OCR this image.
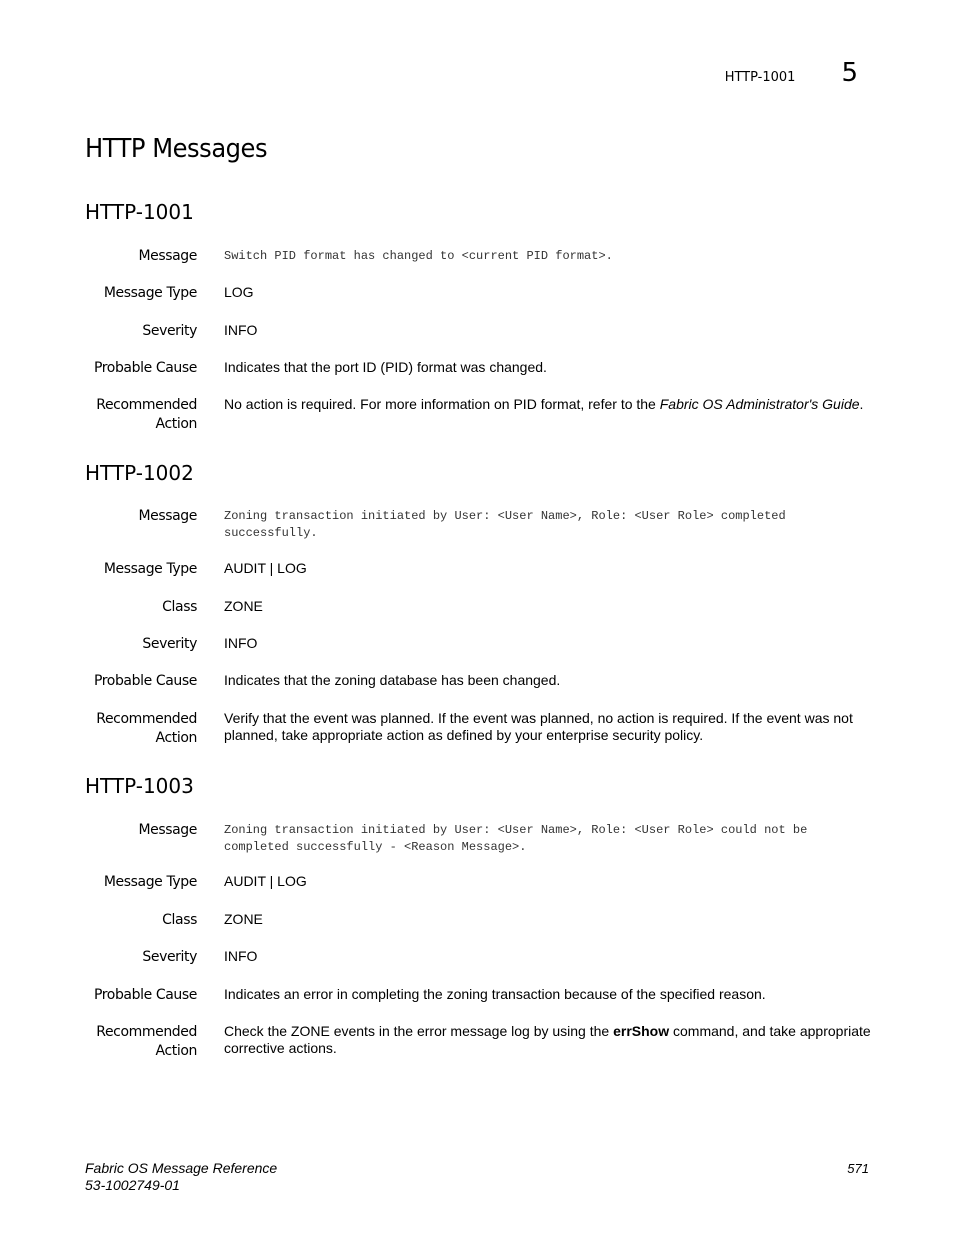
HTTP-1001 5
HTTP Messages
HTTP-1001
Message Switch PID format has changed to <current PID format>.
Message Type LOG
Severity INFO
Probable Cause Indicates that the port ID (PID) format was changed.
Recommended
Action
No action is required. For more information on PID format, refer to the Fabric OS Administrator's Guide.
HTTP-1002
Message Zoning transaction initiated by User: <User Name>, Role: <User Role> completed
successfully.
Message Type AUDIT | LOG
Class ZONE
Severity INFO
Probable Cause Indicates that the zoning database has been changed.
Recommended
Action
Verify that the event was planned. If the event was planned, no action is required. If the event was not
planned, take appropriate action as defined by your enterprise security policy.
HTTP-1003
Message Zoning transaction initiated by User: <User Name>, Role: <User Role> could not be
completed successfully - <Reason Message>.
Message Type AUDIT | LOG
Class ZONE
Severity INFO
Probable Cause Indicates an error in completing the zoning transaction because of the specified reason.
Recommended
Action
Check the ZONE events in the error message log by using the errShow command, and take appropriate
corrective actions.
Fabric OS Message Reference
53-1002749-01
571
